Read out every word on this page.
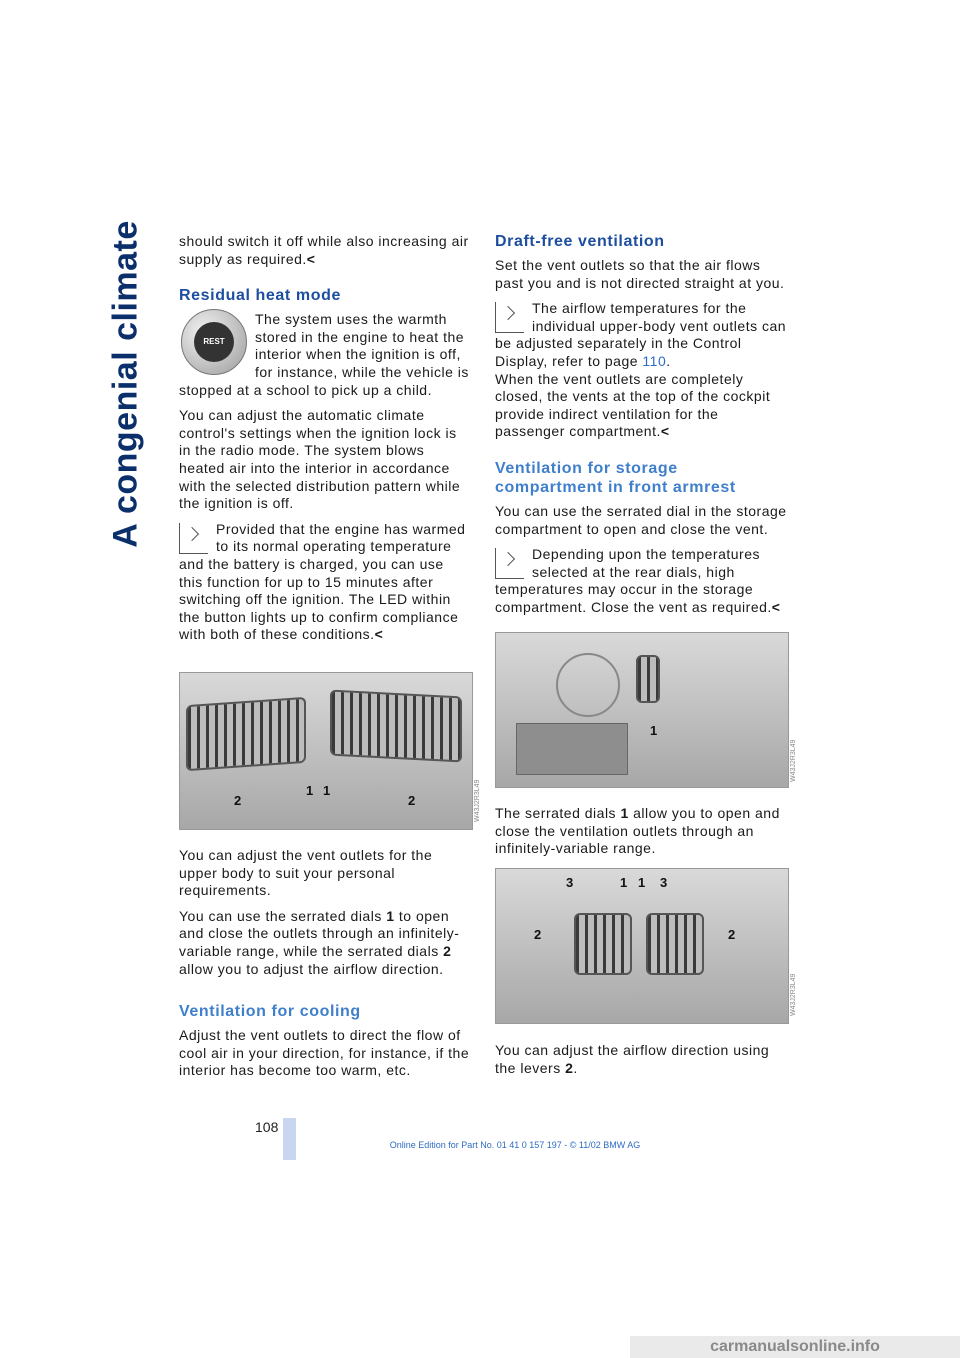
A congenial climate should switch it off while also increasing air supply as required.<

Residual heat mode

The system uses the warmth stored in the engine to heat the interior when the ignition is off, for instance, while the vehicle is stopped at a school to pick up a child.

You can adjust the automatic climate control's settings when the ignition lock is in the radio mode. The system blows heated air into the interior in accordance with the selected distribution pattern while the ignition is off.

Provided that the engine has warmed to its normal operating temperature and the battery is charged, you can use this function for up to 15 minutes after switching off the ignition. The LED within the button lights up to confirm compliance with both of these conditions.<

REST
2
1 1
2	W43J2R3L49

You can adjust the vent outlets for the upper body to suit your personal requirements.

You can use the serrated dials 1 to open and close the outlets through an infinitely-variable range, while the serrated dials 2 allow you to adjust the airflow direction.

Ventilation for cooling

Adjust the vent outlets to direct the flow of cool air in your direction, for instance, if the interior has become too warm, etc.

Draft-free ventilation

Set the vent outlets so that the air flows past you and is not directed straight at you.

The airflow temperatures for the individual upper-body vent outlets can be adjusted separately in the Control Display, refer to page 110.

When the vent outlets are completely closed, the vents at the top of the cockpit provide indirect ventilation for the passenger compartment.<

Ventilation for storage compartment in front armrest

You can use the serrated dial in the storage compartment to open and close the vent.

Depending upon the temperatures selected at the rear dials, high temperatures may occur in the storage compartment. Close the vent as required.<

1
W43J2R3L49

The serrated dials 1 allow you to open and close the ventilation outlets through an infinitely-variable range.

3	1 1 3
2	2
W43J2R3L49

You can adjust the airflow direction using the levers 2.

108
Online Edition for Part No. 01 41 0 157 197 - © 11/02 BMW AG
carmanualsonline.info
